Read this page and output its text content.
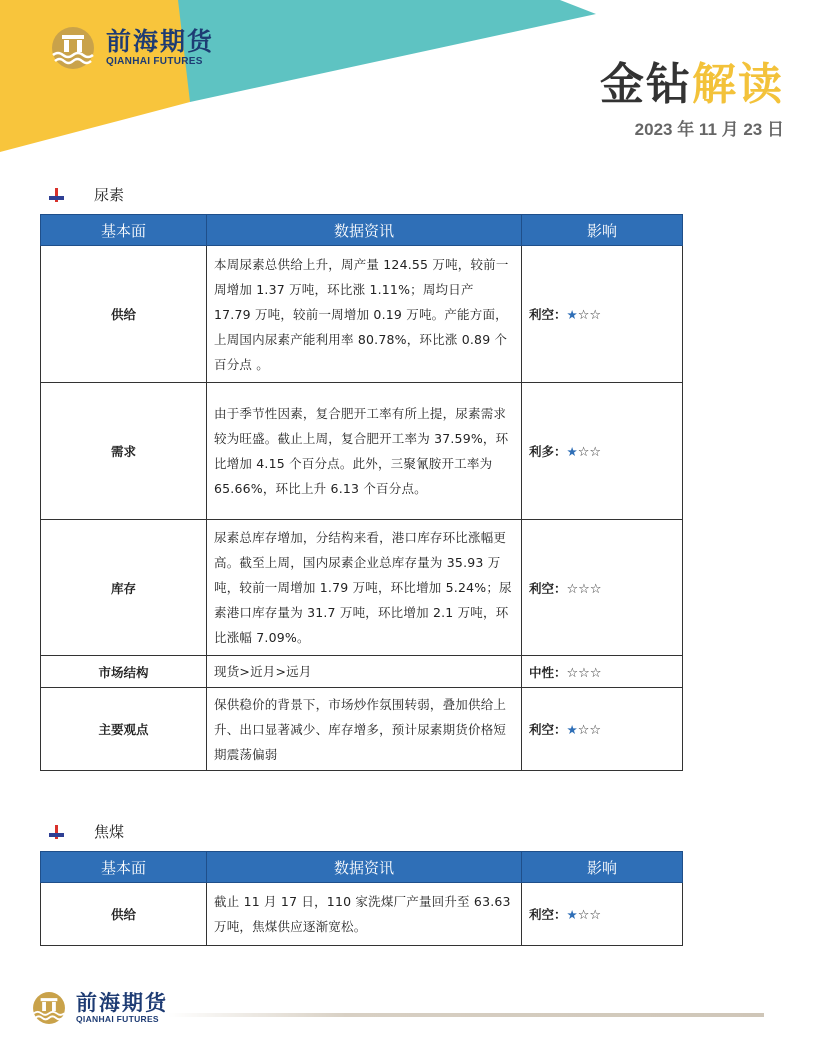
前海期货
QIANHAI FUTURES	金钻解读
2023 年 11 月 23 日
尿素
基本面	数据资讯	影响
供给	本周尿素总供给上升，周产量 124.55 万吨，较前一周增加 1.37 万吨，环比涨 1.11%；周均日产 17.79 万吨，较前一周增加 0.19 万吨。产能方面，上周国内尿素产能利用率 80.78%，环比涨 0.89 个百分点 。	利空：★☆☆
需求	由于季节性因素，复合肥开工率有所上提，尿素需求较为旺盛。截止上周，复合肥开工率为 37.59%，环比增加 4.15 个百分点。此外，三聚氰胺开工率为 65.66%，环比上升 6.13 个百分点。	利多：★☆☆
库存	尿素总库存增加，分结构来看，港口库存环比涨幅更高。截至上周，国内尿素企业总库存量为 35.93 万吨，较前一周增加 1.79 万吨，环比增加 5.24%；尿素港口库存量为 31.7 万吨，环比增加 2.1 万吨，环比涨幅 7.09%。	利空：☆☆☆
市场结构	现货>近月>远月	中性：☆☆☆
主要观点	保供稳价的背景下，市场炒作氛围转弱，叠加供给上升、出口显著减少、库存增多，预计尿素期货价格短期震荡偏弱	利空：★☆☆
焦煤
基本面	数据资讯	影响
供给	截止 11 月 17 日，110 家洗煤厂产量回升至 63.63 万吨，焦煤供应逐渐宽松。	利空：★☆☆
前海期货
QIANHAI FUTURES
